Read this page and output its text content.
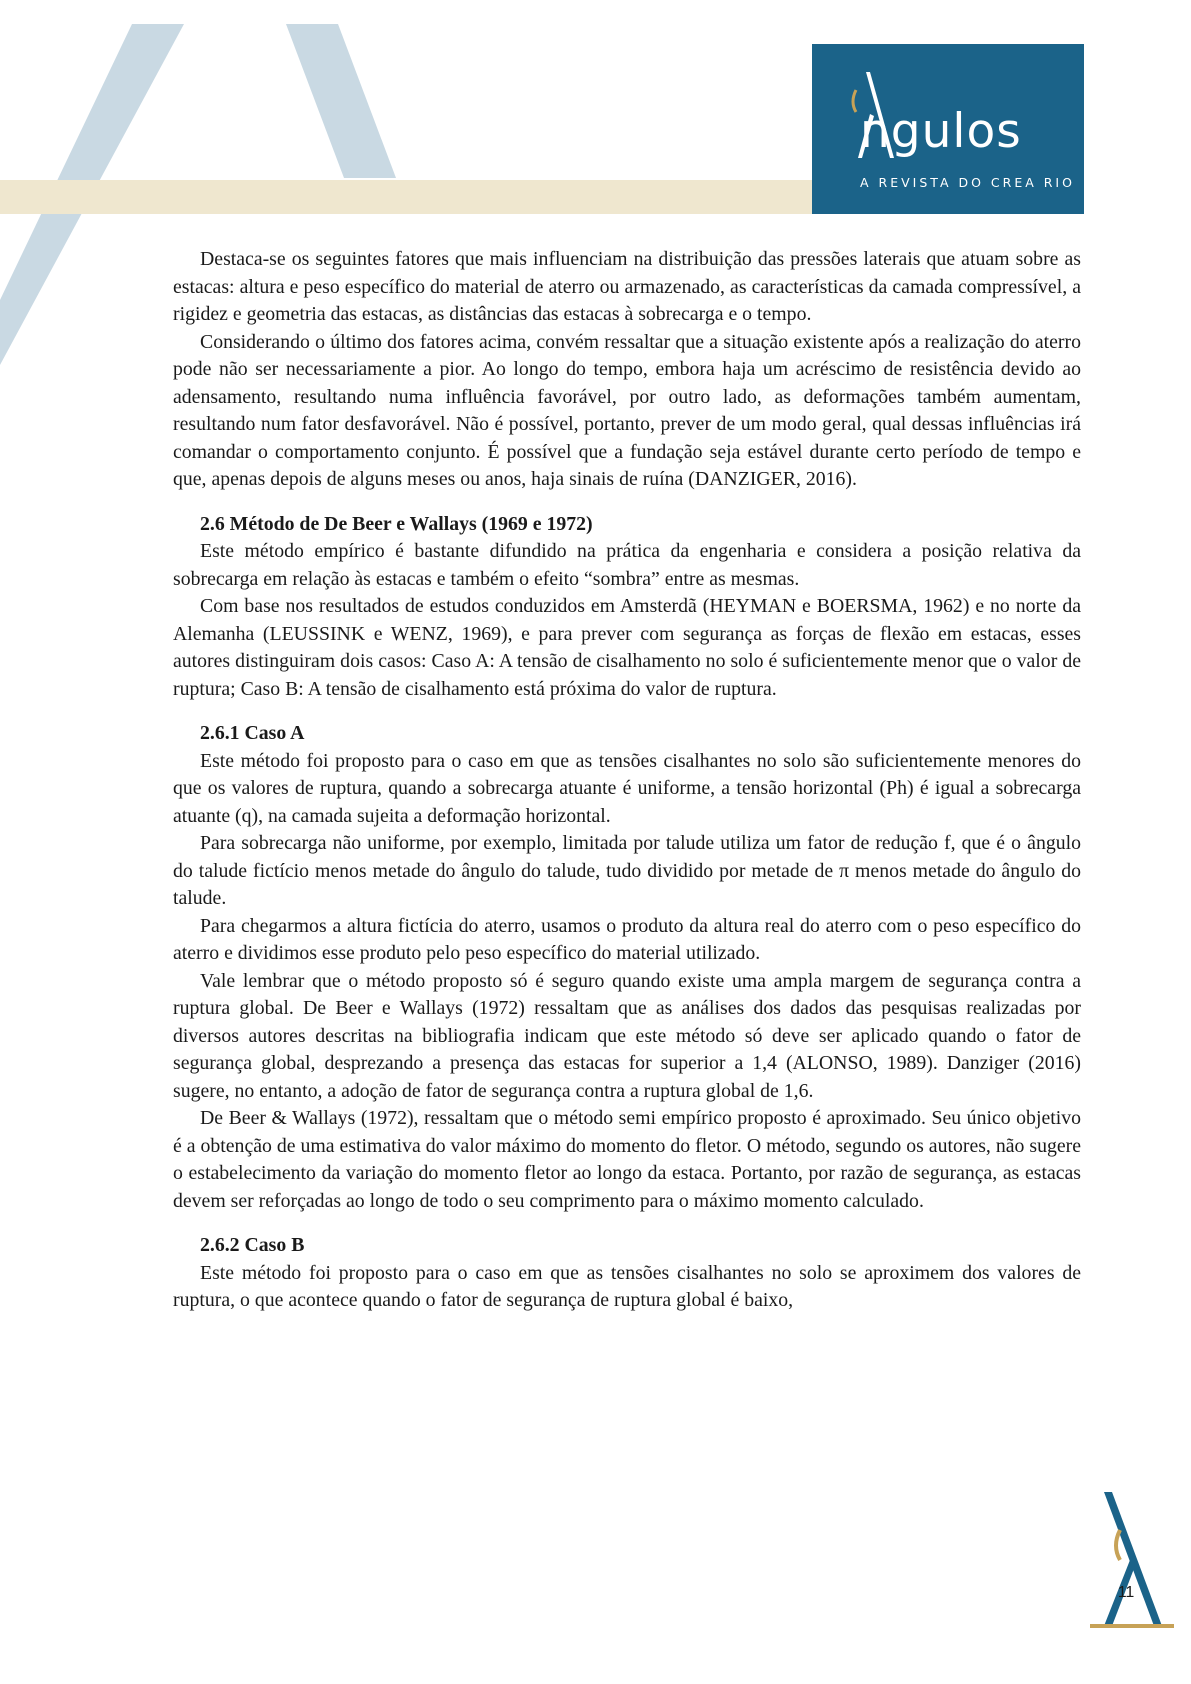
ngulos
A REVISTA DO CREA RIO

Destaca-se os seguintes fatores que mais influenciam na distribuição das pressões laterais que atuam sobre as estacas: altura e peso específico do material de aterro ou armazenado, as características da camada compressível, a rigidez e geometria das estacas, as distâncias das estacas à sobrecarga e o tempo.

Considerando o último dos fatores acima, convém ressaltar que a situação existente após a realização do aterro pode não ser necessariamente a pior. Ao longo do tempo, embora haja um acréscimo de resistência devido ao adensamento, resultando numa influência favorável, por outro lado, as deformações também aumentam, resultando num fator desfavorável. Não é possível, portanto, prever de um modo geral, qual dessas influências irá comandar o comportamento conjunto. É possível que a fundação seja estável durante certo período de tempo e que, apenas depois de alguns meses ou anos, haja sinais de ruína (DANZIGER, 2016).

2.6 Método de De Beer e Wallays (1969 e 1972)

Este método empírico é bastante difundido na prática da engenharia e considera a posição relativa da sobrecarga em relação às estacas e também o efeito “sombra” entre as mesmas.

Com base nos resultados de estudos conduzidos em Amsterdã (HEYMAN e BOERSMA, 1962) e no norte da Alemanha (LEUSSINK e WENZ, 1969), e para prever com segurança as forças de flexão em estacas, esses autores distinguiram dois casos: Caso A: A tensão de cisalhamento no solo é suficientemente menor que o valor de ruptura; Caso B: A tensão de cisalhamento está próxima do valor de ruptura.

2.6.1 Caso A

Este método foi proposto para o caso em que as tensões cisalhantes no solo são suficientemente menores do que os valores de ruptura, quando a sobrecarga atuante é uniforme, a tensão horizontal (Ph) é igual a sobrecarga atuante (q), na camada sujeita a deformação horizontal.

Para sobrecarga não uniforme, por exemplo, limitada por talude utiliza um fator de redução f, que é o ângulo do talude fictício menos metade do ângulo do talude, tudo dividido por metade de π menos metade do ângulo do talude.

Para chegarmos a altura fictícia do aterro, usamos o produto da altura real do aterro com o peso específico do aterro e dividimos esse produto pelo peso específico do material utilizado.

Vale lembrar que o método proposto só é seguro quando existe uma ampla margem de segurança contra a ruptura global. De Beer e Wallays (1972) ressaltam que as análises dos dados das pesquisas realizadas por diversos autores descritas na bibliografia indicam que este método só deve ser aplicado quando o fator de segurança global, desprezando a presença das estacas for superior a 1,4 (ALONSO, 1989). Danziger (2016) sugere, no entanto, a adoção de fator de segurança contra a ruptura global de 1,6.

De Beer & Wallays (1972), ressaltam que o método semi empírico proposto é aproximado. Seu único objetivo é a obtenção de uma estimativa do valor máximo do momento do fletor. O método, segundo os autores, não sugere o estabelecimento da variação do momento fletor ao longo da estaca. Portanto, por razão de segurança, as estacas devem ser reforçadas ao longo de todo o seu comprimento para o máximo momento calculado.

2.6.2 Caso B

Este método foi proposto para o caso em que as tensões cisalhantes no solo se aproximem dos valores de ruptura, o que acontece quando o fator de segurança de ruptura global é baixo,

11
